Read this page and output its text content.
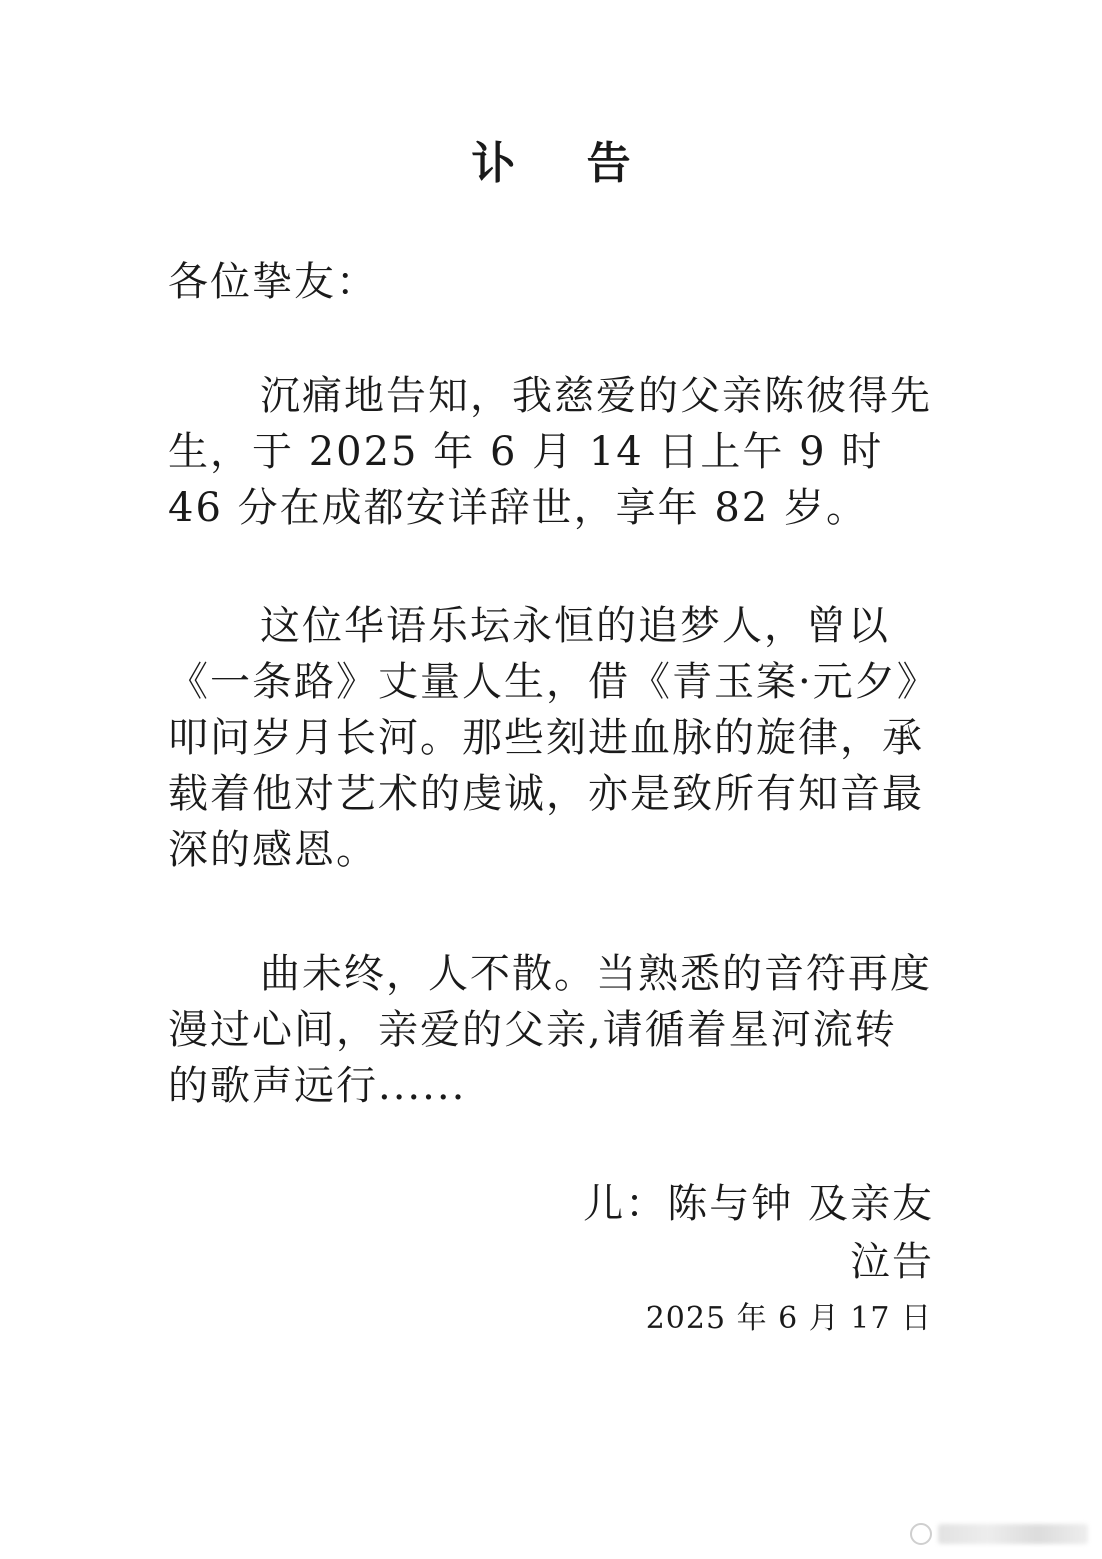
讣 告
各位挚友：
沉痛地告知，我慈爱的父亲陈彼得先生，于 2025 年 6 月 14 日上午 9 时 46 分在成都安详辞世，享年 82 岁。
这位华语乐坛永恒的追梦人，曾以《一条路》丈量人生，借《青玉案·元夕》叩问岁月长河。那些刻进血脉的旋律，承载着他对艺术的虔诚，亦是致所有知音最深的感恩。
曲未终，人不散。当熟悉的音符再度漫过心间，亲爱的父亲,请循着星河流转的歌声远行......
儿：陈与钟 及亲友
泣告
2025 年 6 月 17 日
